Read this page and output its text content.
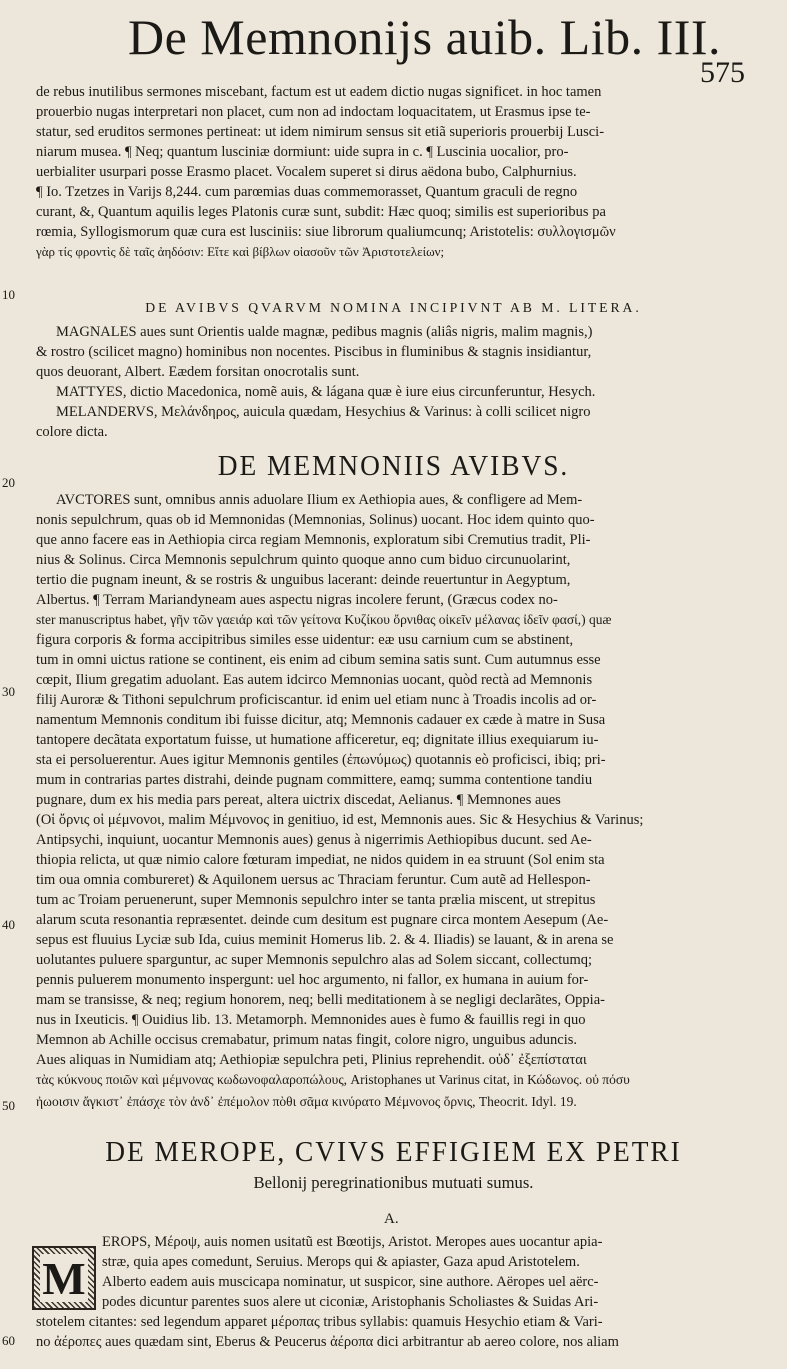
De Memnonijs auib. Lib. III.
575
10
20
30
40
50
60
de rebus inutilibus sermones miscebant, factum est ut eadem dictio nugas significet. in hoc tamen
prouerbio nugas interpretari non placet, cum non ad indoctam loquacitatem, ut Erasmus ipse te-
statur, sed eruditos sermones pertineat: ut idem nimirum sensus sit etiã superioris prouerbij Lusci-
niarum musea. ¶ Neq; quantum lusciniæ dormiunt: uide supra in c. ¶ Luscinia uocalior, pro-
uerbialiter usurpari posse Erasmo placet. Vocalem superet si dirus aëdona bubo, Calphurnius.
¶ Io. Tzetzes in Varijs 8,244. cum parœmias duas commemorasset, Quantum graculi de regno
curant, &, Quantum aquilis leges Platonis curæ sunt, subdit: Hæc quoq; similis est superioribus pa
rœmia, Syllogismorum quæ cura est lusciniis: siue librorum qualiumcunq; Aristotelis: συλλογισμῶν
γὰρ τίς φροντὶς δὲ ταῖς ἀηδόσιν: Εἴτε καὶ βίβλων οἱασοῦν τῶν Ἀριστοτελείων;
DE AVIBVS QVARVM NOMINA INCIPIVNT AB M. LITERA.
MAGNALES aues sunt Orientis ualde magnæ, pedibus magnis (aliâs nigris, malim magnis,)
& rostro (scilicet magno) hominibus non nocentes. Piscibus in fluminibus & stagnis insidiantur,
quos deuorant, Albert. Eædem forsitan onocrotalis sunt.
MATTYES, dictio Macedonica, nomẽ auis, & lágana quæ è iure eius circunferuntur, Hesych.
MELANDERVS, Μελάνδηρος, auicula quædam, Hesychius & Varinus: à colli scilicet nigro
colore dicta.
DE MEMNONIIS AVIBVS.
AVCTORES sunt, omnibus annis aduolare Ilium ex Aethiopia aues, & confligere ad Mem-
nonis sepulchrum, quas ob id Memnonidas (Memnonias, Solinus) uocant. Hoc idem quinto quo-
que anno facere eas in Aethiopia circa regiam Memnonis, exploratum sibi Cremutius tradit, Pli-
nius & Solinus. Circa Memnonis sepulchrum quinto quoque anno cum biduo circunuolarint,
tertio die pugnam ineunt, & se rostris & unguibus lacerant: deinde reuertuntur in Aegyptum,
Albertus. ¶ Terram Mariandyneam aues aspectu nigras incolere ferunt, (Græcus codex no-
ster manuscriptus habet, γῆν τῶν γαειάρ καὶ τῶν γείτονα Κυζίκου ὄρνιθας οἰκεῖν μέλανας ἰδεῖν φασί,) quæ
figura corporis & forma accipitribus similes esse uidentur: eæ usu carnium cum se abstinent,
tum in omni uictus ratione se continent, eis enim ad cibum semina satis sunt. Cum autumnus esse
cœpit, Ilium gregatim aduolant. Eas autem idcirco Memnonias uocant, quòd rectà ad Memnonis
filij Auroræ & Tithoni sepulchrum proficiscantur. id enim uel etiam nunc à Troadis incolis ad or-
namentum Memnonis conditum ibi fuisse dicitur, atq; Memnonis cadauer ex cæde à matre in Susa
tantopere decãtata exportatum fuisse, ut humatione afficeretur, eq; dignitate illius exequiarum iu-
sta ei persoluerentur. Aues igitur Memnonis gentiles (ἐπωνύμως) quotannis eò proficisci, ibiq; pri-
mum in contrarias partes distrahi, deinde pugnam committere, eamq; summa contentione tandiu
pugnare, dum ex his media pars pereat, altera uictrix discedat, Aelianus. ¶ Memnones aues
(Οἱ ὄρνις οἱ μέμνονοι, malim Μέμνονος in genitiuo, id est, Memnonis aues. Sic & Hesychius & Varinus;
Antipsychi, inquiunt, uocantur Memnonis aues) genus à nigerrimis Aethiopibus ducunt. sed Ae-
thiopia relicta, ut quæ nimio calore fœturam impediat, ne nidos quidem in ea struunt (Sol enim sta
tim oua omnia combureret) & Aquilonem uersus ac Thraciam feruntur. Cum autẽ ad Hellespon-
tum ac Troiam peruenerunt, super Memnonis sepulchro inter se tanta prælia miscent, ut strepitus
alarum scuta resonantia repræsentet. deinde cum desitum est pugnare circa montem Aesepum (Ae-
sepus est fluuius Lyciæ sub Ida, cuius meminit Homerus lib. 2. & 4. Iliadis) se lauant, & in arena se
uolutantes puluere sparguntur, ac super Memnonis sepulchro alas ad Solem siccant, collectumq;
pennis puluerem monumento inspergunt: uel hoc argumento, ni fallor, ex humana in auium for-
mam se transisse, & neq; regium honorem, neq; belli meditationem à se negligi declarãtes, Oppia-
nus in Ixeuticis. ¶ Ouidius lib. 13. Metamorph. Memnonides aues è fumo & fauillis regi in quo
Memnon ab Achille occisus cremabatur, primum natas fingit, colore nigro, unguibus aduncis.
Aues aliquas in Numidiam atq; Aethiopiæ sepulchra peti, Plinius reprehendit. οὐδ᾽ ἐξεπίσταται
τὰς κύκνους ποιῶν καὶ μέμνονας κωδωνοφαλαροπώλους, Aristophanes ut Varinus citat, in Κώδωνος. οὐ πόσυ
ἠωοισιν ἄγκιστ᾽ ἐπάσχε τὸν ἀνδ᾽ ἐπέμολον πὸθι σᾶμα κινύρατο Μέμνονος ὄρνις, Theocrit. Idyl. 19.
DE MEROPE, CVIVS EFFIGIEM EX PETRI
Bellonij peregrinationibus mutuati sumus.
A.
M
EROPS, Μέροψ, auis nomen usitatũ est Bœotijs, Aristot. Meropes aues uocantur apia-
stræ, quia apes comedunt, Seruius. Merops qui & apiaster, Gaza apud Aristotelem.
Alberto eadem auis muscicapa nominatur, ut suspicor, sine authore. Aëropes uel aërc-
podes dicuntur parentes suos alere ut ciconiæ, Aristophanis Scholiastes & Suidas Ari-
stotelem citantes: sed legendum apparet μέροπας tribus syllabis: quamuis Hesychio etiam & Vari-
no ἀέροπες aues quædam sint, Eberus & Peucerus ἀέροπα dici arbitrantur ab aereo colore, nos aliam
